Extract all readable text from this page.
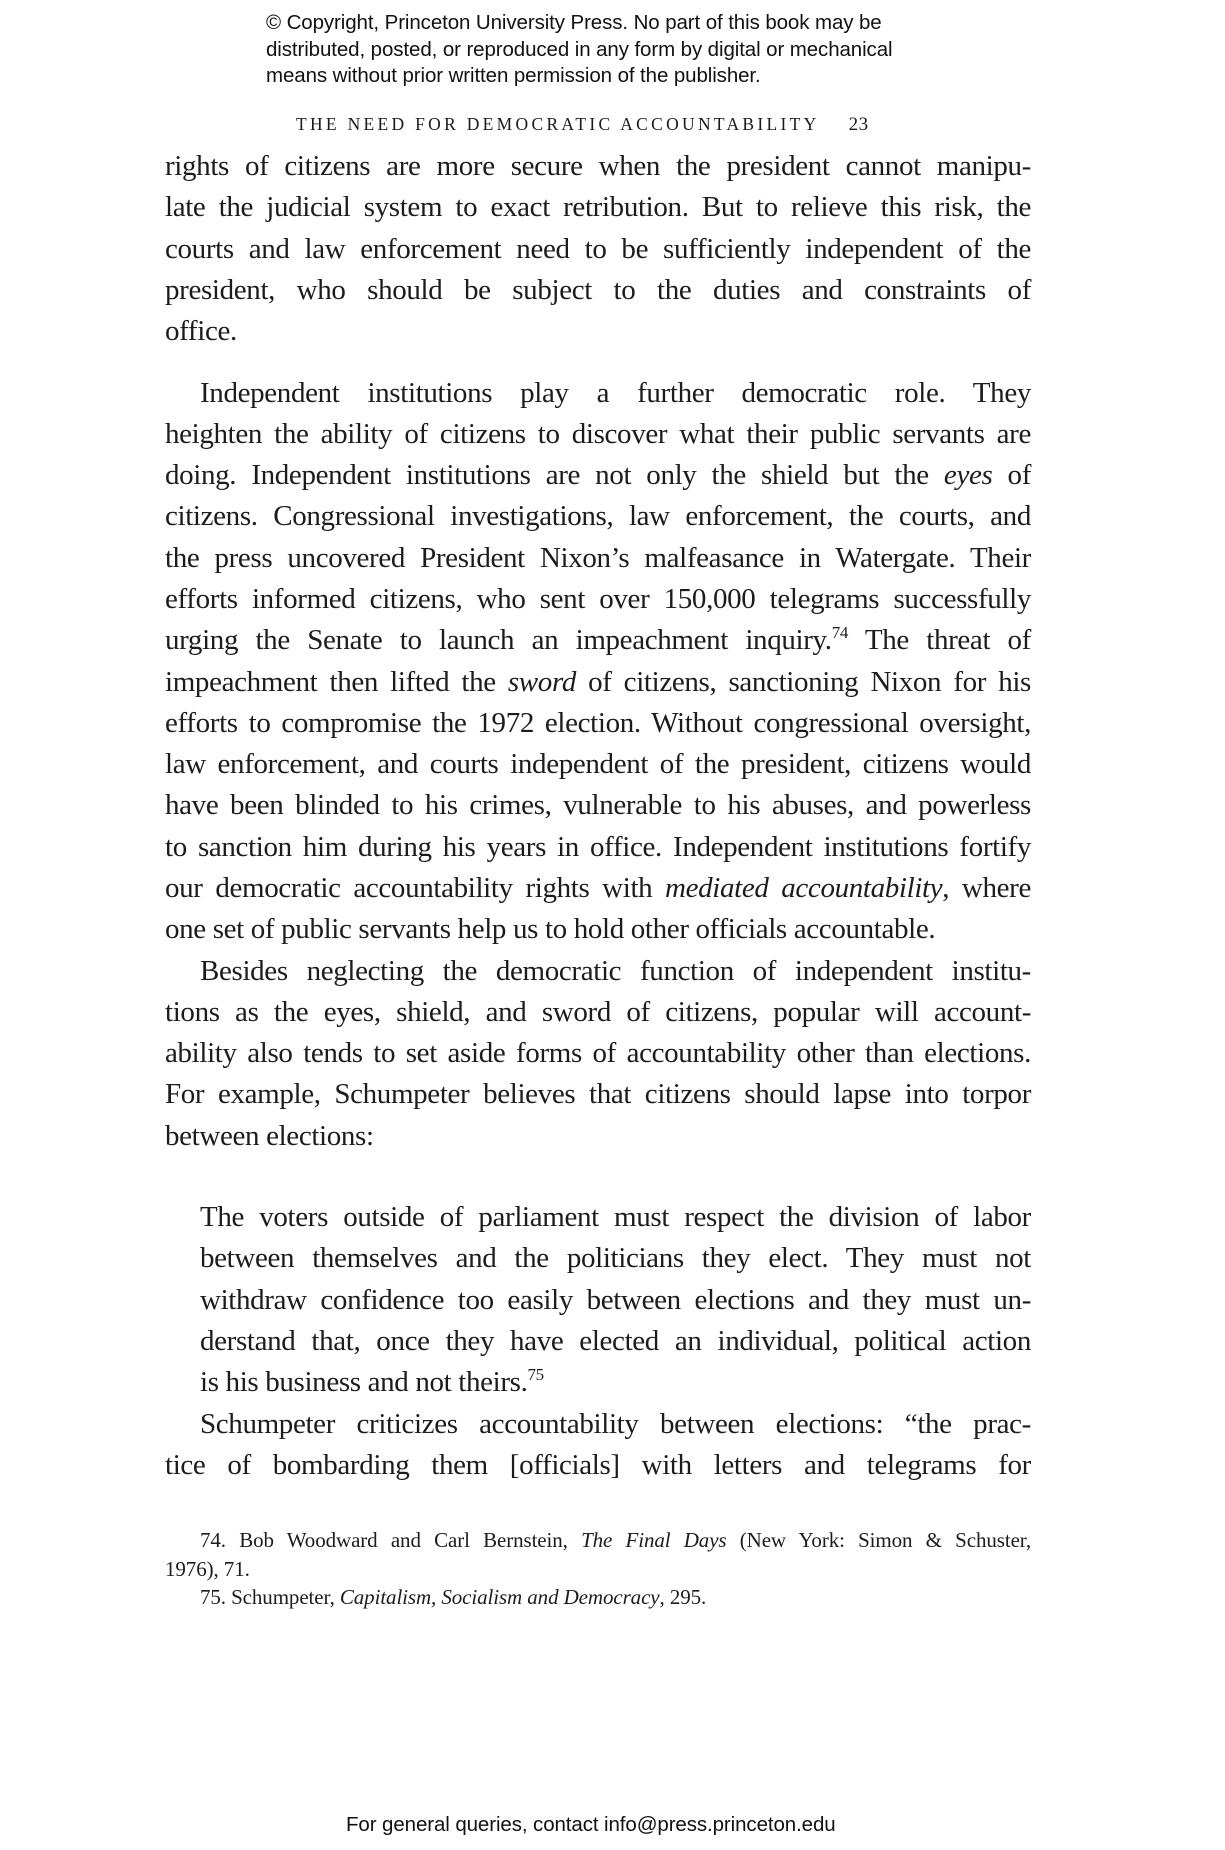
© Copyright, Princeton University Press. No part of this book may be
distributed, posted, or reproduced in any form by digital or mechanical
means without prior written permission of the publisher.
THE NEED FOR DEMOCRATIC ACCOUNTABILITY 23
rights of citizens are more secure when the president cannot manipu-
late the judicial system to exact retribution. But to relieve this risk, the
courts and law enforcement need to be sufficiently independent of the
president, who should be subject to the duties and constraints of
office.
Independent institutions play a further democratic role. They
heighten the ability of citizens to discover what their public servants are
doing. Independent institutions are not only the shield but the eyes of
citizens. Congressional investigations, law enforcement, the courts, and
the press uncovered President Nixon’s malfeasance in Watergate. Their
efforts informed citizens, who sent over 150,000 telegrams successfully
urging the Senate to launch an impeachment inquiry.$^{74}$ The threat of
impeachment then lifted the sword of citizens, sanctioning Nixon for his
efforts to compromise the 1972 election. Without congressional oversight,
law enforcement, and courts independent of the president, citizens would
have been blinded to his crimes, vulnerable to his abuses, and powerless
to sanction him during his years in office. Independent institutions fortify
our democratic accountability rights with mediated accountability, where
one set of public servants help us to hold other officials accountable.
Besides neglecting the democratic function of independent institu-
tions as the eyes, shield, and sword of citizens, popular will account-
ability also tends to set aside forms of accountability other than elections.
For example, Schumpeter believes that citizens should lapse into torpor
between elections:
The voters outside of parliament must respect the division of labor
between themselves and the politicians they elect. They must not
withdraw confidence too easily between elections and they must un-
derstand that, once they have elected an individual, political action
is his business and not theirs.$^{75}$
Schumpeter criticizes accountability between elections: “the prac-
tice of bombarding them [officials] with letters and telegrams for
74. Bob Woodward and Carl Bernstein, The Final Days (New York: Simon & Schuster,
1976), 71.
75. Schumpeter, Capitalism, Socialism and Democracy, 295.
For general queries, contact info@press.princeton.edu
